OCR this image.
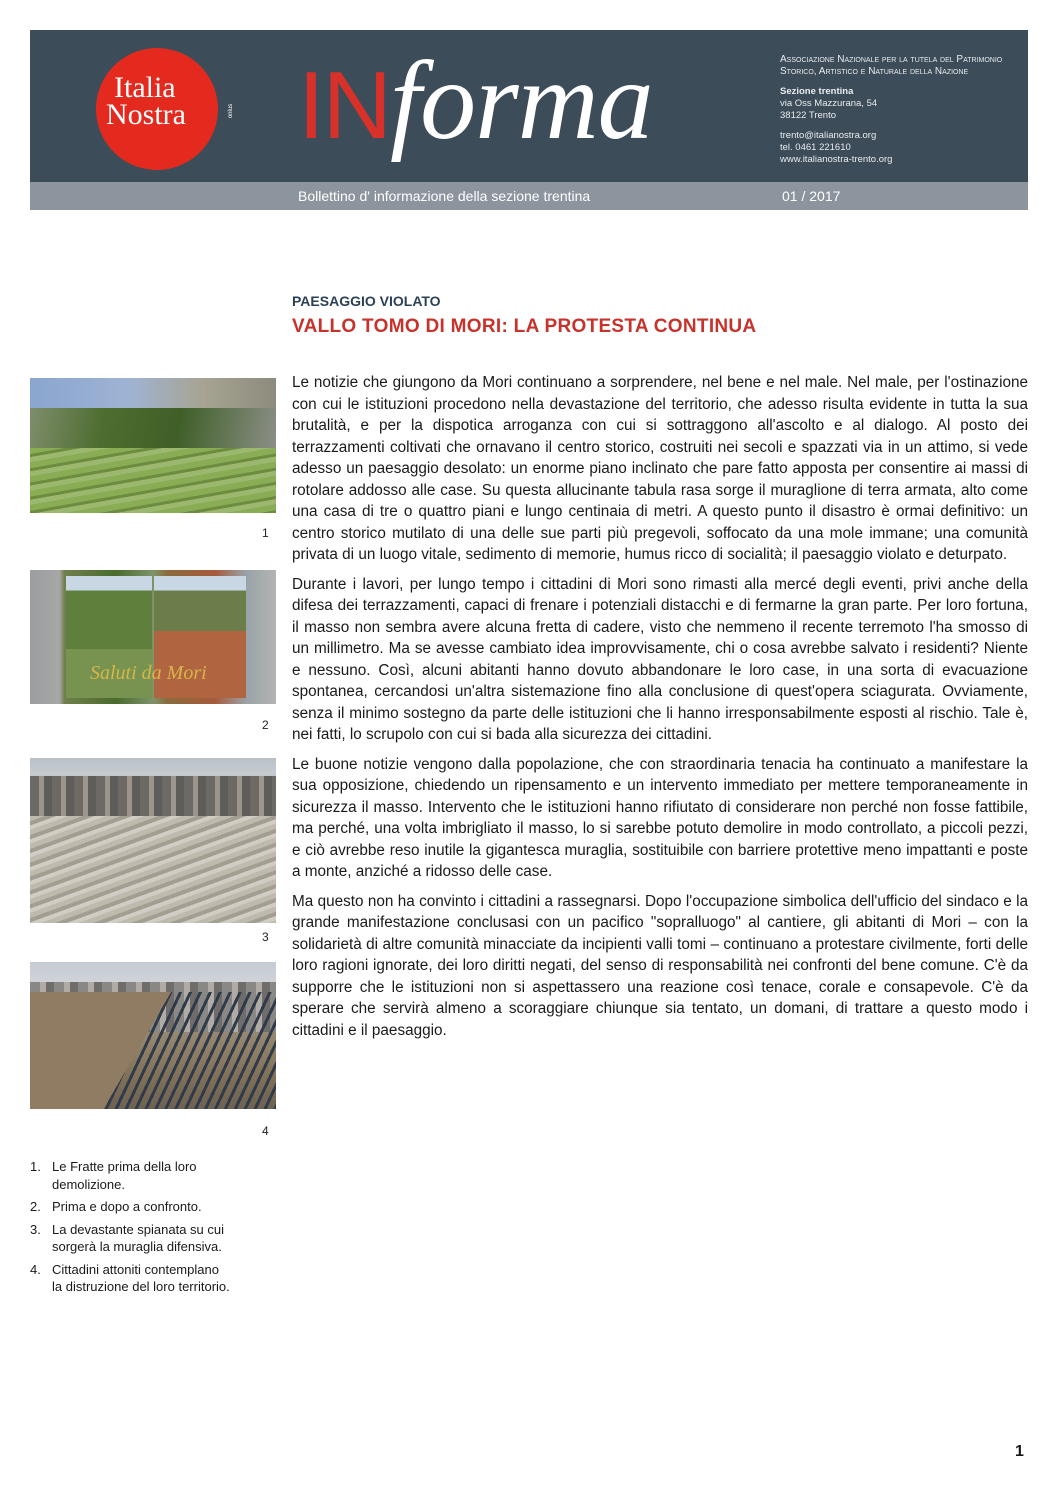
Italia
Nostra	onlus INforma	Associazione Nazionale per la tutela del Patrimonio
Storico, Artistico e Naturale della Nazione

Sezione trentina
via Oss Mazzurana, 54
38122 Trento

trento@italianostra.org
tel. 0461 221610
www.italianostra-trento.org

Bollettino d' informazione della sezione trentina	01 / 2017
PAESAGGIO VIOLATO
VALLO TOMO DI MORI: LA PROTESTA CONTINUA

Le notizie che giungono da Mori continuano a sorprendere, nel bene e nel male. Nel male, per l'ostinazione con cui le istituzioni procedono nella devastazione del territorio, che adesso risulta evidente in tutta la sua brutalità, e per la dispotica arroganza con cui si sottraggono all'ascolto e al dialogo. Al posto dei terrazzamenti coltivati che ornavano il centro storico, costruiti nei secoli e spazzati via in un attimo, si vede adesso un paesaggio desolato: un enorme piano inclinato che pare fatto apposta per consentire ai massi di rotolare addosso alle case. Su questa allucinante tabula rasa sorge il muraglione di terra armata, alto come una casa di tre o quattro piani e lungo centinaia di metri. A questo punto il disastro è ormai definitivo: un centro storico mutilato di una delle sue parti più pregevoli, soffocato da una mole immane; una comunità privata di un luogo vitale, sedimento di memorie, humus ricco di socialità; il paesaggio violato e deturpato.

Durante i lavori, per lungo tempo i cittadini di Mori sono rimasti alla mercé degli eventi, privi anche della difesa dei terrazzamenti, capaci di frenare i potenziali distacchi e di fermarne la gran parte. Per loro fortuna, il masso non sembra avere alcuna fretta di cadere, visto che nemmeno il recente terremoto l'ha smosso di un millimetro. Ma se avesse cambiato idea improvvisamente, chi o cosa avrebbe salvato i residenti? Niente e nessuno. Così, alcuni abitanti hanno dovuto abbandonare le loro case, in una sorta di evacuazione spontanea, cercandosi un'altra sistemazione fino alla conclusione di quest'opera sciagurata. Ovviamente, senza il minimo sostegno da parte delle istituzioni che li hanno irresponsabilmente esposti al rischio. Tale è, nei fatti, lo scrupolo con cui si bada alla sicurezza dei cittadini.

Le buone notizie vengono dalla popolazione, che con straordinaria tenacia ha continuato a manifestare la sua opposizione, chiedendo un ripensamento e un intervento immediato per mettere temporaneamente in sicurezza il masso. Intervento che le istituzioni hanno rifiutato di considerare non perché non fosse fattibile, ma perché, una volta imbrigliato il masso, lo si sarebbe potuto demolire in modo controllato, a piccoli pezzi, e ciò avrebbe reso inutile la gigantesca muraglia, sostituibile con barriere protettive meno impattanti e poste a monte, anziché a ridosso delle case.

Ma questo non ha convinto i cittadini a rassegnarsi. Dopo l'occupazione simbolica dell'ufficio del sindaco e la grande manifestazione conclusasi con un pacifico "sopralluogo" al cantiere, gli abitanti di Mori – con la solidarietà di altre comunità minacciate da incipienti valli tomi – continuano a protestare civilmente, forti delle loro ragioni ignorate, dei loro diritti negati, del senso di responsabilità nei confronti del bene comune. C'è da supporre che le istituzioni non si aspettassero una reazione così tenace, corale e consapevole. C'è da sperare che servirà almeno a scoraggiare chiunque sia tentato, un domani, di trattare a questo modo i cittadini e il paesaggio.

1
Saluti da Mori
2
3
4
1. Le Fratte prima della loro demolizione.
2. Prima e dopo a confronto.
3. La devastante spianata su cui sorgerà la muraglia difensiva.
4. Cittadini attoniti contemplano la distruzione del loro territorio.
1
